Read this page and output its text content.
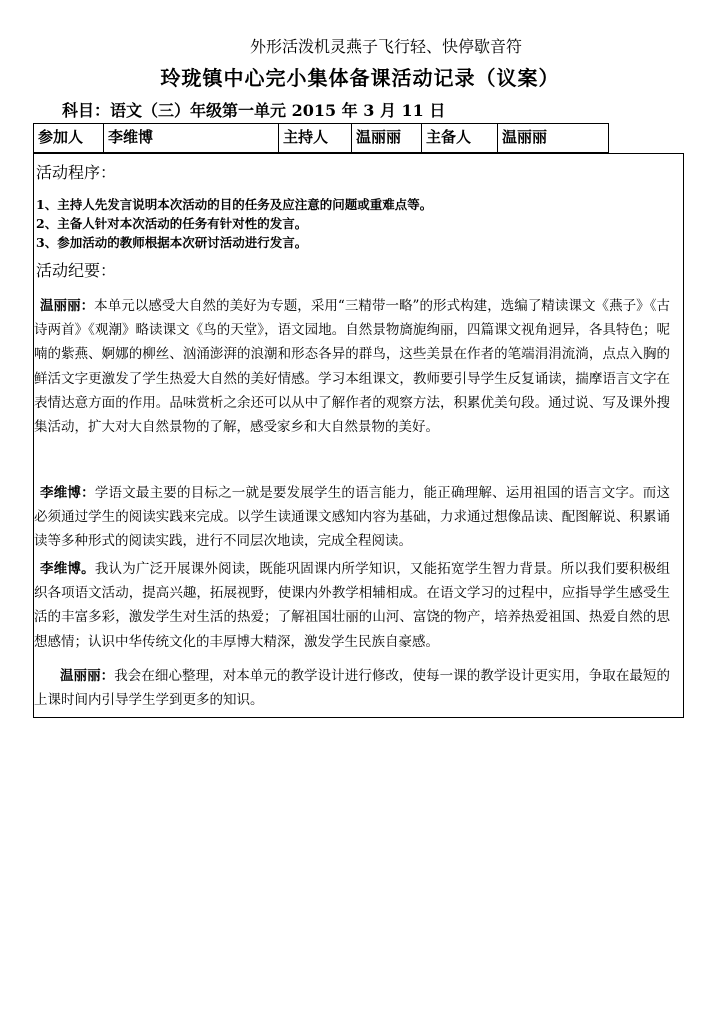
外形活泼机灵燕子飞行轻、快停歇音符
玲珑镇中心完小集体备课活动记录（议案）
科目：语文（三）年级第一单元 2015 年 3 月 11 日
参加人	李维博	主持人	温丽丽	主备人	温丽丽
活动程序：
1、主持人先发言说明本次活动的目的任务及应注意的问题或重难点等。
2、主备人针对本次活动的任务有针对性的发言。
3、参加活动的教师根据本次研讨活动进行发言。
活动纪要：
温丽丽：本单元以感受大自然的美好为专题，采用“三精带一略”的形式构建，选编了精读课文《燕子》《古诗两首》《观潮》略读课文《鸟的天堂》，语文园地。自然景物旖旎绚丽，四篇课文视角迥异，各具特色；呢喃的紫燕、婀娜的柳丝、汹涌澎湃的浪潮和形态各异的群鸟，这些美景在作者的笔端涓涓流淌，点点入胸的鲜活文字更激发了学生热爱大自然的美好情感。学习本组课文，教师要引导学生反复诵读，揣摩语言文字在表情达意方面的作用。品味赏析之余还可以从中了解作者的观察方法，积累优美句段。通过说、写及课外搜集活动，扩大对大自然景物的了解，感受家乡和大自然景物的美好。
李维博：学语文最主要的目标之一就是要发展学生的语言能力，能正确理解、运用祖国的语言文字。而这必须通过学生的阅读实践来完成。以学生读通课文感知内容为基础，力求通过想像品读、配图解说、积累诵读等多种形式的阅读实践，进行不同层次地读，完成全程阅读。
李维博。我认为广泛开展课外阅读，既能巩固课内所学知识，又能拓宽学生智力背景。所以我们要积极组织各项语文活动，提高兴趣，拓展视野，使课内外教学相辅相成。在语文学习的过程中，应指导学生感受生活的丰富多彩，激发学生对生活的热爱；了解祖国壮丽的山河、富饶的物产，培养热爱祖国、热爱自然的思想感情；认识中华传统文化的丰厚博大精深，激发学生民族自豪感。
温丽丽：我会在细心整理，对本单元的教学设计进行修改，使每一课的教学设计更实用，争取在最短的上课时间内引导学生学到更多的知识。
